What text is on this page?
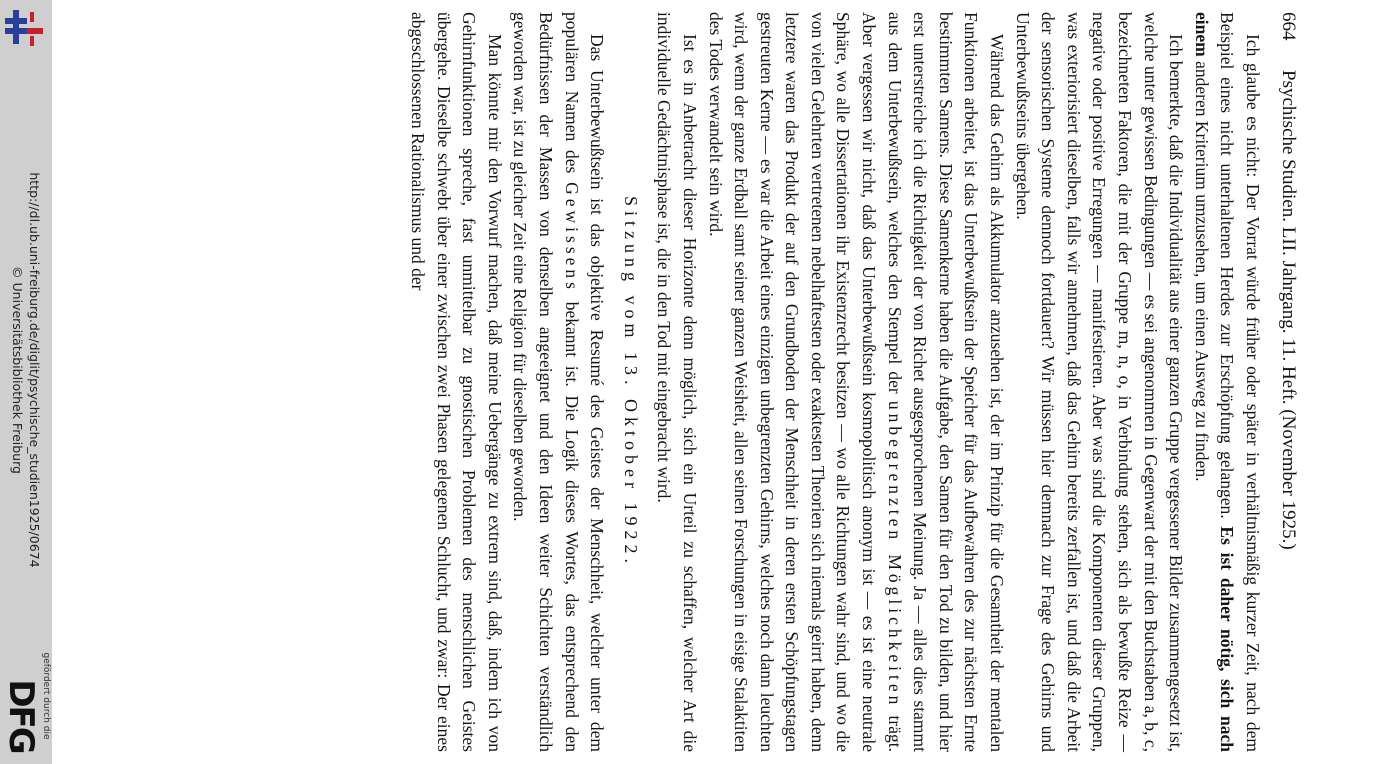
http://dl.ub.uni-freiburg.de/diglit/psychische_studien1925/0674
© Universitätsbibliothek Freiburg
gefördert durch die
DFG
664
Psychische Studien. LII. Jahrgang. 11. Heft. (November 1925.)

Ich glaube es nicht: Der Vorrat würde früher oder später in verhältnismäßig kurzer Zeit, nach dem Beispiel eines nicht unterhaltenen Herdes zur Erschöpfung gelangen. Es ist daher nötig, sich nach einem anderen Kriterium umzusehen, um einen Ausweg zu finden.

Ich bemerkte, daß die Individualität aus einer ganzen Gruppe vergessener Bilder zusammengesetzt ist, welche unter gewissen Bedingungen — es sei angenommen in Gegenwart der mit den Buchstaben a, b, c, bezeichneten Faktoren, die mit der Gruppe m, n, o, in Verbindung stehen, sich als bewußte Reize — negative oder positive Erregungen — manifestieren. Aber was sind die Komponenten dieser Gruppen, was exteriorisiert dieselben, falls wir annehmen, daß das Gehirn bereits zerfallen ist, und daß die Arbeit der sensorischen Systeme dennoch fortdauert? Wir müssen hier demnach zur Frage des Gehirns und Unterbewußtseins übergehen.

Während das Gehirn als Akkumulator anzusehen ist, der im Prinzip für die Gesamtheit der mentalen Funktionen arbeitet, ist das Unterbewußtsein der Speicher für das Aufbewahren des zur nächsten Ernte bestimmten Samens. Diese Samenkerne haben die Aufgabe, den Samen für den Tod zu bilden, und hier erst unterstreiche ich die Richtigkeit der von Richet ausgesprochenen Meinung. Ja — alles dies stammt aus dem Unterbewußtsein, welches den Stempel der unbegrenzten Möglichkeiten trägt. Aber vergessen wir nicht, daß das Unterbewußtsein kosmopolitisch anonym ist — es ist eine neutrale Sphäre, wo alle Dissertationen ihr Existenzrecht besitzen — wo alle Richtungen wahr sind, und wo die von vielen Gelehrten vertretenen nebelhaftesten oder exaktesten Theorien sich niemals geirrt haben, denn letztere waren das Produkt der auf den Grundboden der Menschheit in deren ersten Schöpfungstagen gestreuten Kerne — es war die Arbeit eines einzigen unbegrenzten Gehirns, welches noch dann leuchten wird, wenn der ganze Erdball samt seiner ganzen Weisheit, allen seinen Forschungen in eisige Stalaktiten des Todes verwandelt sein wird.

Ist es in Anbetracht dieser Horizonte denn möglich, sich ein Urteil zu schaffen, welcher Art die individuelle Gedächtnisphase ist, die in den Tod mit eingebracht wird.

Sitzung vom 13. Oktober 1922.

Das Unterbewußtsein ist das objektive Resumé des Geistes der Menschheit, welcher unter dem populären Namen des Gewissens bekannt ist. Die Logik dieses Wortes, das entsprechend den Bedürfnissen der Massen von denselben angeeignet und den Ideen weiter Schichten verständlich geworden war, ist zu gleicher Zeit eine Religion für dieselben geworden.

Man könnte mir den Vorwurf machen, daß meine Uebergänge zu extrem sind, daß, indem ich von Gehirnfunktionen spreche, fast unmittelbar zu gnostischen Problemen des menschlichen Geistes übergehe. Dieselbe schwebt über einer zwischen zwei Phasen gelegenen Schlucht, und zwar: Der eines abgeschlossenen Rationalismus und der
